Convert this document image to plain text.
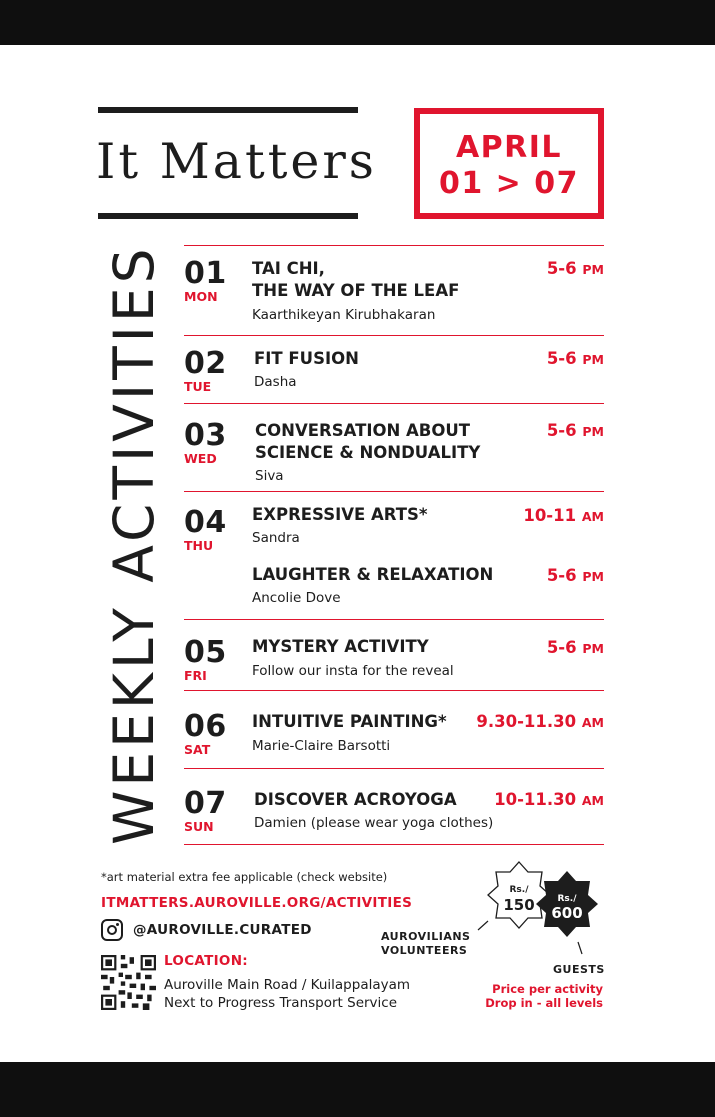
It Matters	APRIL
01 > 07
WEEKLY ACTIVITIES 01
MON
TAI CHI,
THE WAY OF THE LEAF
Kaarthikeyan Kirubhakaran
5-6 PM
02
TUE
FIT FUSION
Dasha
5-6 PM
03
WED
CONVERSATION ABOUT
SCIENCE & NONDUALITY
Siva
5-6 PM
04
THU
EXPRESSIVE ARTS*
Sandra
10-11 AM
LAUGHTER & RELAXATION
Ancolie Dove
5-6 PM
05
FRI
MYSTERY ACTIVITY
Follow our insta for the reveal
5-6 PM
06
SAT
INTUITIVE PAINTING*
Marie-Claire Barsotti
9.30-11.30 AM
07
SUN
DISCOVER ACROYOGA
Damien (please wear yoga clothes)
10-11.30 AM
*art material extra fee applicable (check website)
ITMATTERS.AUROVILLE.ORG/ACTIVITIES
@AUROVILLE.CURATED
LOCATION:
Auroville Main Road / Kuilappalayam
Next to Progress Transport Service
Rs./
150	Rs./
600
AUROVILIANS
VOLUNTEERS
GUESTS
Price per activity
Drop in - all levels
